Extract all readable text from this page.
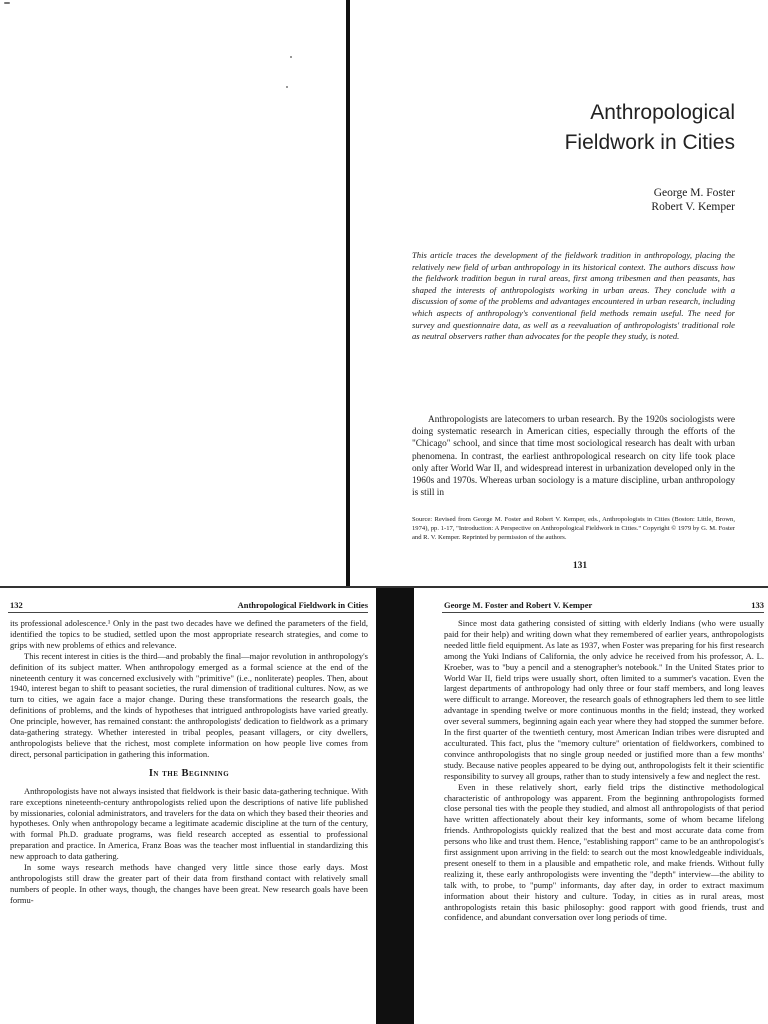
Anthropological
Fieldwork in Cities
George M. Foster
Robert V. Kemper

This article traces the development of the fieldwork tradition in anthropology, placing the relatively new field of urban anthropology in its historical context. The authors discuss how the fieldwork tradition begun in rural areas, first among tribesmen and then peasants, has shaped the interests of anthropologists working in urban areas. They conclude with a discussion of some of the problems and advantages encountered in urban research, including which aspects of anthropology's conventional field methods remain useful. The need for survey and questionnaire data, as well as a reevaluation of anthropologists' traditional role as neutral observers rather than advocates for the people they study, is noted.

Anthropologists are latecomers to urban research. By the 1920s sociologists were doing systematic research in American cities, especially through the efforts of the "Chicago" school, and since that time most sociological research has dealt with urban phenomena. In contrast, the earliest anthropological research on city life took place only after World War II, and widespread interest in urbanization developed only in the 1960s and 1970s. Whereas urban sociology is a mature discipline, urban anthropology is still in

Source: Revised from George M. Foster and Robert V. Kemper, eds., Anthropologists in Cities (Boston: Little, Brown, 1974), pp. 1-17, "Introduction: A Perspective on Anthropological Fieldwork in Cities." Copyright © 1979 by G. M. Foster and R. V. Kemper. Reprinted by permission of the authors.

131
132	Anthropological Fieldwork in Cities

its professional adolescence.¹ Only in the past two decades have we defined the parameters of the field, identified the topics to be studied, settled upon the most appropriate research strategies, and come to grips with new problems of ethics and relevance.

This recent interest in cities is the third—and probably the final—major revolution in anthropology's definition of its subject matter. When anthropology emerged as a formal science at the end of the nineteenth century it was concerned exclusively with "primitive" (i.e., nonliterate) peoples. Then, about 1940, interest began to shift to peasant societies, the rural dimension of traditional cultures. Now, as we turn to cities, we again face a major change. During these transformations the research goals, the definitions of problems, and the kinds of hypotheses that intrigued anthropologists have varied greatly. One principle, however, has remained constant: the anthropologists' dedication to fieldwork as a primary data-gathering strategy. Whether interested in tribal peoples, peasant villagers, or city dwellers, anthropologists believe that the richest, most complete information on how people live comes from direct, personal participation in gathering this information.

In the Beginning

Anthropologists have not always insisted that fieldwork is their basic data-gathering technique. With rare exceptions nineteenth-century anthropologists relied upon the descriptions of native life published by missionaries, colonial administrators, and travelers for the data on which they based their theories and hypotheses. Only when anthropology became a legitimate academic discipline at the turn of the century, with formal Ph.D. graduate programs, was field research accepted as essential to professional preparation and practice. In America, Franz Boas was the teacher most influential in standardizing this new approach to data gathering.

In some ways research methods have changed very little since those early days. Most anthropologists still draw the greater part of their data from firsthand contact with relatively small numbers of people. In other ways, though, the changes have been great. New research goals have been formu-

George M. Foster and Robert V. Kemper	133

Since most data gathering consisted of sitting with elderly Indians (who were usually paid for their help) and writing down what they remembered of earlier years, anthropologists needed little field equipment. As late as 1937, when Foster was preparing for his first research among the Yuki Indians of California, the only advice he received from his professor, A. L. Kroeber, was to "buy a pencil and a stenographer's notebook." In the United States prior to World War II, field trips were usually short, often limited to a summer's vacation. Even the largest departments of anthropology had only three or four staff members, and long leaves were difficult to arrange. Moreover, the research goals of ethnographers led them to see little advantage in spending twelve or more continuous months in the field; instead, they worked over several summers, beginning again each year where they had stopped the summer before. In the first quarter of the twentieth century, most American Indian tribes were disrupted and acculturated. This fact, plus the "memory culture" orientation of fieldworkers, combined to convince anthropologists that no single group needed or justified more than a few months' study. Because native peoples appeared to be dying out, anthropologists felt it their scientific responsibility to survey all groups, rather than to study intensively a few and neglect the rest.

Even in these relatively short, early field trips the distinctive methodological characteristic of anthropology was apparent. From the beginning anthropologists formed close personal ties with the people they studied, and almost all anthropologists of that period have written affectionately about their key informants, some of whom became lifelong friends. Anthropologists quickly realized that the best and most accurate data come from persons who like and trust them. Hence, "establishing rapport" came to be an anthropologist's first assignment upon arriving in the field: to search out the most knowledgeable individuals, present oneself to them in a plausible and empathetic role, and make friends. Without fully realizing it, these early anthropologists were inventing the "depth" interview—the ability to talk with, to probe, to "pump" informants, day after day, in order to extract maximum information about their history and culture. Today, in cities as in rural areas, most anthropologists retain this basic philosophy: good rapport with good friends, trust and confidence, and abundant conversation over long periods of time.
